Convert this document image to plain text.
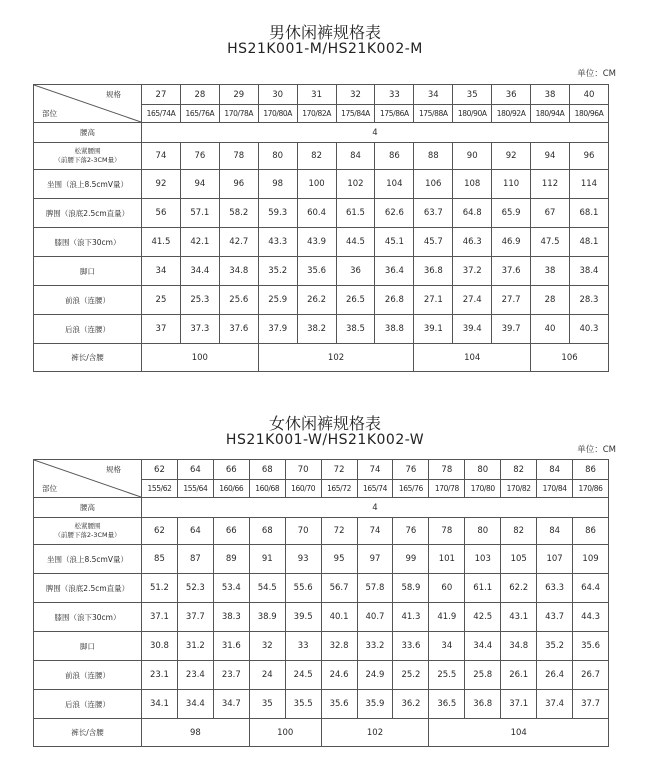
男休闲裤规格表
HS21K001-M/HS21K002-M
单位：CM
规格
部位	27	28	29	30	31	32	33	34	35	36	38	40
	165/74A	165/76A	170/78A	170/80A	170/82A	175/84A	175/86A	175/88A	180/90A	180/92A	180/94A	180/96A
腰高	4											
松紧腰围
（前腰下落2-3CM量）	74	76	78	80	82	84	86	88	90	92	94	96
坐围（浪上8.5cmV量）	92	94	96	98	100	102	104	106	108	110	112	114
脾围（浪底2.5cm直量）	56	57.1	58.2	59.3	60.4	61.5	62.6	63.7	64.8	65.9	67	68.1
膝围（浪下30cm）	41.5	42.1	42.7	43.3	43.9	44.5	45.1	45.7	46.3	46.9	47.5	48.1
脚口	34	34.4	34.8	35.2	35.6	36	36.4	36.8	37.2	37.6	38	38.4
前浪（连腰）	25	25.3	25.6	25.9	26.2	26.5	26.8	27.1	27.4	27.7	28	28.3
后浪（连腰）	37	37.3	37.6	37.9	38.2	38.5	38.8	39.1	39.4	39.7	40	40.3
裤长/含腰	100			102				104			106	
女休闲裤规格表
HS21K001-W/HS21K002-W
单位：CM
规格
部位	62	64	66	68	70	72	74	76	78	80	82	84	86
	155/62	155/64	160/66	160/68	160/70	165/72	165/74	165/76	170/78	170/80	170/82	170/84	170/86
腰高	4												
松紧腰围
（前腰下落2-3CM量）	62	64	66	68	70	72	74	76	78	80	82	84	86
坐围（浪上8.5cmV量）	85	87	89	91	93	95	97	99	101	103	105	107	109
脾围（浪底2.5cm直量）	51.2	52.3	53.4	54.5	55.6	56.7	57.8	58.9	60	61.1	62.2	63.3	64.4
膝围（浪下30cm）	37.1	37.7	38.3	38.9	39.5	40.1	40.7	41.3	41.9	42.5	43.1	43.7	44.3
脚口	30.8	31.2	31.6	32	33	32.8	33.2	33.6	34	34.4	34.8	35.2	35.6
前浪（连腰）	23.1	23.4	23.7	24	24.5	24.6	24.9	25.2	25.5	25.8	26.1	26.4	26.7
后浪（连腰）	34.1	34.4	34.7	35	35.5	35.6	35.9	36.2	36.5	36.8	37.1	37.4	37.7
裤长/含腰	98			100		102			104				
